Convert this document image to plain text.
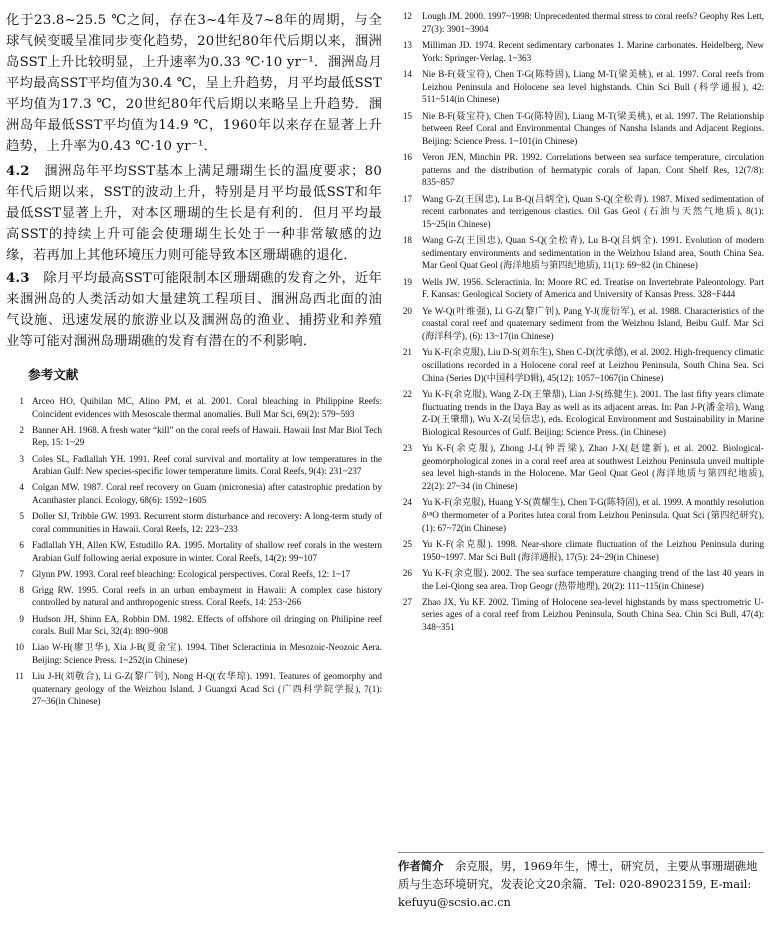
化于23.8~25.5 ℃之间，存在3~4年及7~8年的周期，与全球气候变暖呈准同步变化趋势，20世纪80年代后期以来，涠洲岛SST上升比较明显，上升速率为0.33 ℃·10 yr⁻¹．涠洲岛月平均最高SST平均值为30.4 ℃，呈上升趋势，月平均最低SST平均值为17.3 ℃，20世纪80年代后期以来略呈上升趋势．涠洲岛年最低SST平均值为14.9 ℃，1960年以来存在显著上升趋势，上升率为0.43 ℃·10 yr⁻¹．

4.2　 涠洲岛年平均SST基本上满足珊瑚生长的温度要求；80年代后期以来，SST的波动上升，特别是月平均最低SST和年最低SST显著上升，对本区珊瑚的生长是有利的．但月平均最高SST的持续上升可能会使珊瑚生长处于一种非常敏感的边缘，若再加上其他环境压力则可能导致本区珊瑚礁的退化．

4.3　 除月平均最高SST可能限制本区珊瑚礁的发育之外，近年来涠洲岛的人类活动如大量建筑工程项目、涠洲岛西北面的油气设施、迅速发展的旅游业以及涠洲岛的渔业、捕捞业和养殖业等可能对涠洲岛珊瑚礁的发育有潜在的不利影响．

参考文献
1 Arceo HO, Quibilan MC, Alino PM, et al. 2001. Coral bleaching in Philippine Reefs: Coincident evidences with Mesoscale thermal anomalies. Bull Mar Sci, 69(2): 579~593
2 Banner AH. 1968. A fresh water “kill” on the coral reefs of Hawaii. Hawaii Inst Mar Biol Tech Rep, 15: 1~29
3 Coles SL, Fadlallah YH. 1991. Reef coral survival and mortality at low temperatures in the Arabian Gulf: New species-specific lower temperature limits. Coral Reefs, 9(4): 231~237
4 Colgan MW. 1987. Coral reef recovery on Guam (micronesia) after catastrophic predation by Acanthaster planci. Ecology, 68(6): 1592~1605
5 Doller SJ, Tribble GW. 1993. Recurrent storm disturbance and recovery: A long-term study of coral communities in Hawaii. Coral Reefs, 12: 223~233
6 Fadlallah YH, Allen KW, Estudillo RA. 1995. Mortality of shallow reef corals in the western Arabian Gulf following aerial exposure in winter. Coral Reefs, 14(2): 99~107
7 Glynn PW. 1993. Coral reef bleaching: Ecological perspectives. Coral Reefs, 12: 1~17
8 Grigg RW. 1995. Coral reefs in an urban embayment in Hawaii: A complex case history controlled by natural and anthropogenic stress. Coral Reefs, 14: 253~266
9 Hudson JH, Shinn EA, Robbin DM. 1982. Effects of offshore oil dringing on Philipine reef corals. Bull Mar Sci, 32(4): 890~908
10 Liao W-H(廖卫华), Xia J-B(夏金宝). 1994. Tibet Scleractinia in Mesozoic-Neozoic Aera. Beijing: Science Press. 1~252(in Chinese)
11 Liu J-H(刘敬合), Li G-Z(黎广钊), Nong H-Q(农华琼). 1991. Teatures of geomorphy and quaternary geology of the Weizhou Island. J Guangxi Acad Sci (广西科学院学报), 7(1): 27~36(in Chinese)
12	Lough JM. 2000. 1997~1998: Unprecedented thermal stress to coral reefs? Geophy Res Lett, 27(3): 3901~3904
13	Milliman JD. 1974. Recent sedimentary carbonates 1. Marine carbonates. Heidelberg, New York: Springer-Verlag. 1~363
14	Nie B-F(聂宝符), Chen T-G(陈特固), Liang M-T(梁美桃), et al. 1997. Coral reefs from Leizhou Peninsula and Holocene sea level highstands. Chin Sci Bull (科学通报), 42: 511~514(in Chinese)
15	Nie B-F(聂宝符), Chen T-G(陈特固), Liang M-T(梁美桃), et al. 1997. The Relationship between Reef Coral and Environmental Changes of Nansha Islands and Adjacent Regions. Beijing: Science Press. 1~101(in Chinese)
16	Veron JEN, Minchin PR. 1992. Correlations between sea surface temperature, circulation patterns and the distribution of hermatypic corals of Japan. Cont Shelf Res, 12(7/8): 835~857
17	Wang G-Z(王国忠), Lu B-Q(吕炳全), Quan S-Q(全松青). 1987. Mixed sedimentation of recent carbonates and terrigenous clastics. Oil Gas Geol (石油与天然气地质), 8(1): 15~25(in Chinese)
18	Wang G-Z(王国忠), Quan S-Q(全松青), Lu B-Q(吕炳全). 1991. Evolution of modern sedimentary environments and sedimentation in the Weizhou Island area, South China Sea. Mar Geol Quat Geol (海洋地质与第四纪地质), 11(1): 69~82 (in Chinese)
19	Wells JW. 1956. Scleractinia. In: Moore RC ed. Treatise on Invertebrate Paleontology. Part F. Kansas: Geological Society of America and University of Kansas Press. 328~F444
20	Ye W-Q(叶维强), Li G-Z(黎广钊), Pang Y-J(庞衍军), et al. 1988. Characteristics of the coastal coral reef and quaternary sediment from the Weizhou Island, Beibu Gulf. Mar Sci (海洋科学), (6): 13~17(in Chinese)
21	Yu K-F(余克服), Liu D-S(刘东生), Shen C-D(沈承德), et al. 2002. High-frequency climatic oscillations recorded in a Holocene coral reef at Leizhou Peninsula, South China Sea. Sci China (Series D)(中国科学D辑), 45(12): 1057~1067(in Chinese)
22	Yu K-F(余克服), Wang Z-D(王肇鼎), Lian J-S(练健生). 2001. The last fifty years climate fluctuating trends in the Daya Bay as well as its adjacent areas. In: Pan J-P(潘金培), Wang Z-D(王肇鼎), Wu X-Z(吴信忠), eds. Ecological Environment and Sustainability in Marine Biological Resources of Gulf. Beijing: Science Press. (in Chinese)
23	Yu K-F(余克服), Zhong J-L(钟晋梁), Zhao J-X(赵建新), et al. 2002. Biological-geomorphological zones in a coral reef area at southwest Leizhou Peninsula unveil multiple sea level high-stands in the Holocene. Mar Geol Quat Geol (海洋地质与第四纪地质), 22(2): 27~34 (in Chinese)
24	Yu K-F(余克服), Huang Y-S(黄耀生), Chen T-G(陈特固), et al. 1999. A monthly resolution δ¹⁸O thermometer of a Porites lutea coral from Leizhou Peninsula. Quat Sci (第四纪研究), (1): 67~72(in Chinese)
25	Yu K-F(余克服). 1998. Near-shore climate fluctuation of the Leizhou Peninsula during 1950~1997. Mar Sci Bull (海洋通报), 17(5): 24~29(in Chinese)
26	Yu K-F(余克服). 2002. The sea surface temperature changing trend of the last 40 years in the Lei-Qiong sea area. Trop Geogr (热带地理), 20(2): 111~115(in Chinese)
27	Zhao JX, Yu KF. 2002. Timing of Holocene sea-level highstands by mass spectrometric U-series ages of a coral reef from Leizhou Peninsula, South China Sea. Chin Sci Bull, 47(4): 348~351
作者简介　 余克服，男，1969年生，博士，研究员，主要从事珊瑚礁地质与生态环境研究，发表论文20余篇．Tel: 020-89023159, E-mail: kefuyu@scsio.ac.cn
